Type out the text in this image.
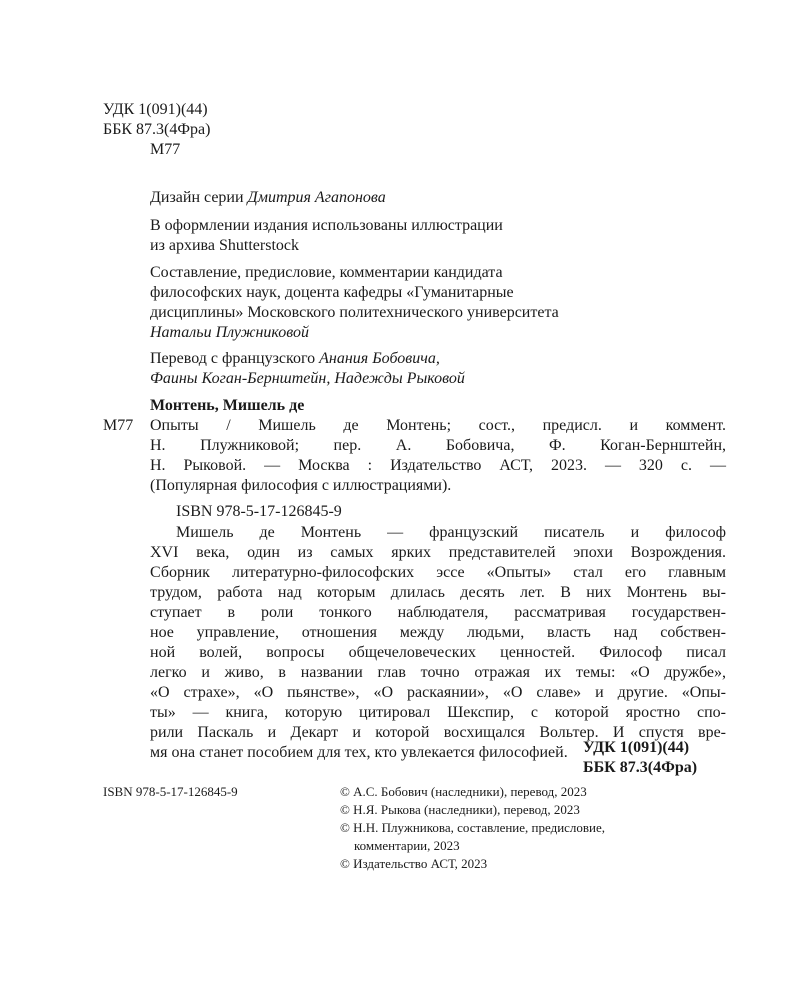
УДК 1(091)(44)
ББК 87.3(4Фра)
М77
Дизайн серии Дмитрия Агапонова
В оформлении издания использованы иллюстрации
из архива Shutterstock
Составление, предисловие, комментарии кандидата
философских наук, доцента кафедры «Гуманитарные
дисциплины» Московского политехнического университета
Натальи Плужниковой
Перевод с французского Анания Бобовича,
Фаины Коган-Бернштейн, Надежды Рыковой
Монтень, Мишель де
М77 Опыты / Мишель де Монтень; сост., предисл. и коммент.
Н. Плужниковой; пер. А. Бобовича, Ф. Коган-Бернштейн,
Н. Рыковой. — Москва : Издательство АСТ, 2023. — 320 с. —
(Популярная философия с иллюстрациями).
ISBN 978-5-17-126845-9
Мишель де Монтень — французский писатель и философ
XVI века, один из самых ярких представителей эпохи Возрождения.
Сборник литературно-философских эссе «Опыты» стал его главным
трудом, работа над которым длилась десять лет. В них Монтень вы-
ступает в роли тонкого наблюдателя, рассматривая государствен-
ное управление, отношения между людьми, власть над собствен-
ной волей, вопросы общечеловеческих ценностей. Философ писал
легко и живо, в названии глав точно отражая их темы: «О дружбе»,
«О страхе», «О пьянстве», «О раскаянии», «О славе» и другие. «Опы-
ты» — книга, которую цитировал Шекспир, с которой яростно спо-
рили Паскаль и Декарт и которой восхищался Вольтер. И спустя вре-
мя она станет пособием для тех, кто увлекается философией. УДК 1(091)(44)
ББК 87.3(4Фра)
ISBN 978-5-17-126845-9	© А.С. Бобович (наследники), перевод, 2023
© Н.Я. Рыкова (наследники), перевод, 2023
© Н.Н. Плужникова, составление, предисловие,
комментарии, 2023
© Издательство АСТ, 2023
